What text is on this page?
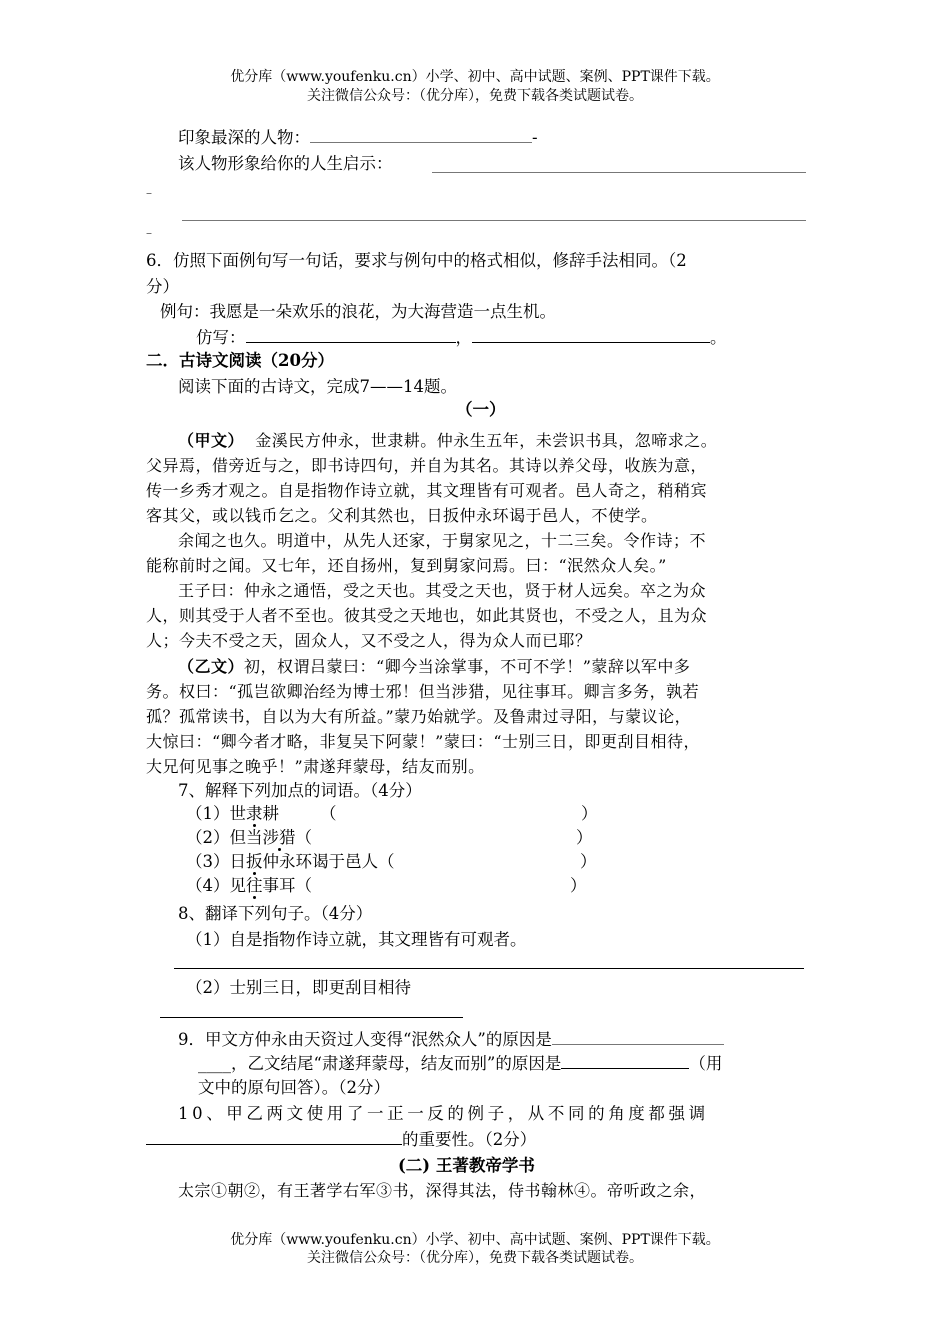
优分库（www.youfenku.cn）小学、初中、高中试题、案例、PPT课件下载。
关注微信公众号：（优分库），免费下载各类试题试卷。
印象最深的人物：	-
该人物形象给你的人生启示：
–
–
6．仿照下面例句写一句话，要求与例句中的格式相似，修辞手法相同。（2
分）
例句：我愿是一朵欢乐的浪花，为大海营造一点生机。
仿写：	，	。
二．古诗文阅读（20分）
阅读下面的古诗文，完成7——14题。
（一）
（甲文） 金溪民方仲永，世隶耕。仲永生五年，未尝识书具，忽啼求之。
父异焉，借旁近与之，即书诗四句，并自为其名。其诗以养父母，收族为意，
传一乡秀才观之。自是指物作诗立就，其文理皆有可观者。邑人奇之，稍稍宾
客其父，或以钱币乞之。父利其然也，日扳仲永环谒于邑人，不使学。
余闻之也久。明道中，从先人还家，于舅家见之，十二三矣。令作诗；不
能称前时之闻。又七年，还自扬州，复到舅家问焉。曰：“泯然众人矣。”
王子曰：仲永之通悟，受之天也。其受之天也，贤于材人远矣。卒之为众
人，则其受于人者不至也。彼其受之天地也，如此其贤也，不受之人，且为众
人；今夫不受之天，固众人，又不受之人，得为众人而已耶？
（乙文）初，权谓吕蒙曰：“卿今当涂掌事，不可不学！”蒙辞以军中多
务。权曰：“孤岂欲卿治经为博士邪！但当涉猎，见往事耳。卿言多务，孰若
孤？孤常读书，自以为大有所益。”蒙乃始就学。及鲁肃过寻阳，与蒙议论，
大惊曰：“卿今者才略，非复吴下阿蒙！”蒙曰：“士别三日，即更刮目相待，
大兄何见事之晚乎！”肃遂拜蒙母，结友而别。
7、解释下列加点的词语。（4分）
（1）世隶耕 （	）
（2）但当涉猎（	）
（3）日扳仲永环谒于邑人（	）
（4）见往事耳（	）
8、翻译下列句子。（4分）
（1）自是指物作诗立就，其文理皆有可观者。
（2）士别三日，即更刮目相待
9．甲文方仲永由天资过人变得“泯然众人”的原因是
____，乙文结尾“肃遂拜蒙母，结友而别”的原因是	（用
文中的原句回答）。（2分）
10、甲乙两文使用了一正一反的例子，从不同的角度都强调
的重要性。（2分）
(二) 王著教帝学书
太宗①朝②，有王著学右军③书，深得其法，侍书翰林④。帝听政之余，
优分库（www.youfenku.cn）小学、初中、高中试题、案例、PPT课件下载。
关注微信公众号：（优分库），免费下载各类试题试卷。
